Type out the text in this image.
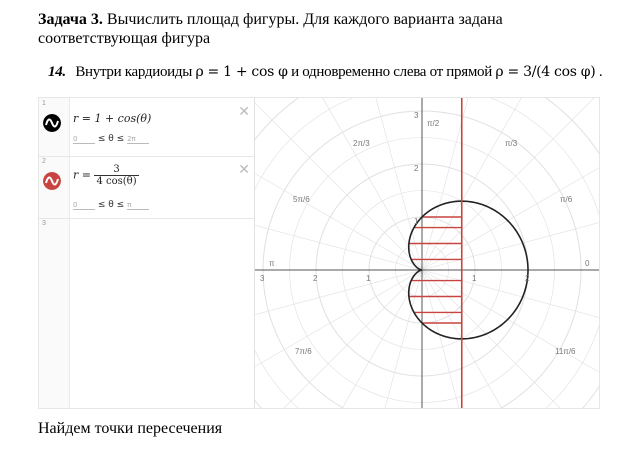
Задача 3. Вычислить площад фигуры. Для каждого варианта задана соответствующая фигура
14. Внутри кардиоиды ρ = 1 + cos φ и одновременно слева от прямой ρ = 3/(4 cos φ) .
1
r = 1 + cos(θ)
0 ≤ θ ≤ 2π
✕
2
$r = \frac{3}{4 \cos(\theta)}$
0 ≤ θ ≤ π
✕
3
π/2
π/3
2π/3
π/6
5π/6
0
π
11π/6
7π/6
3
2
1
1	2
3	1
2
Найдем точки пересечения
